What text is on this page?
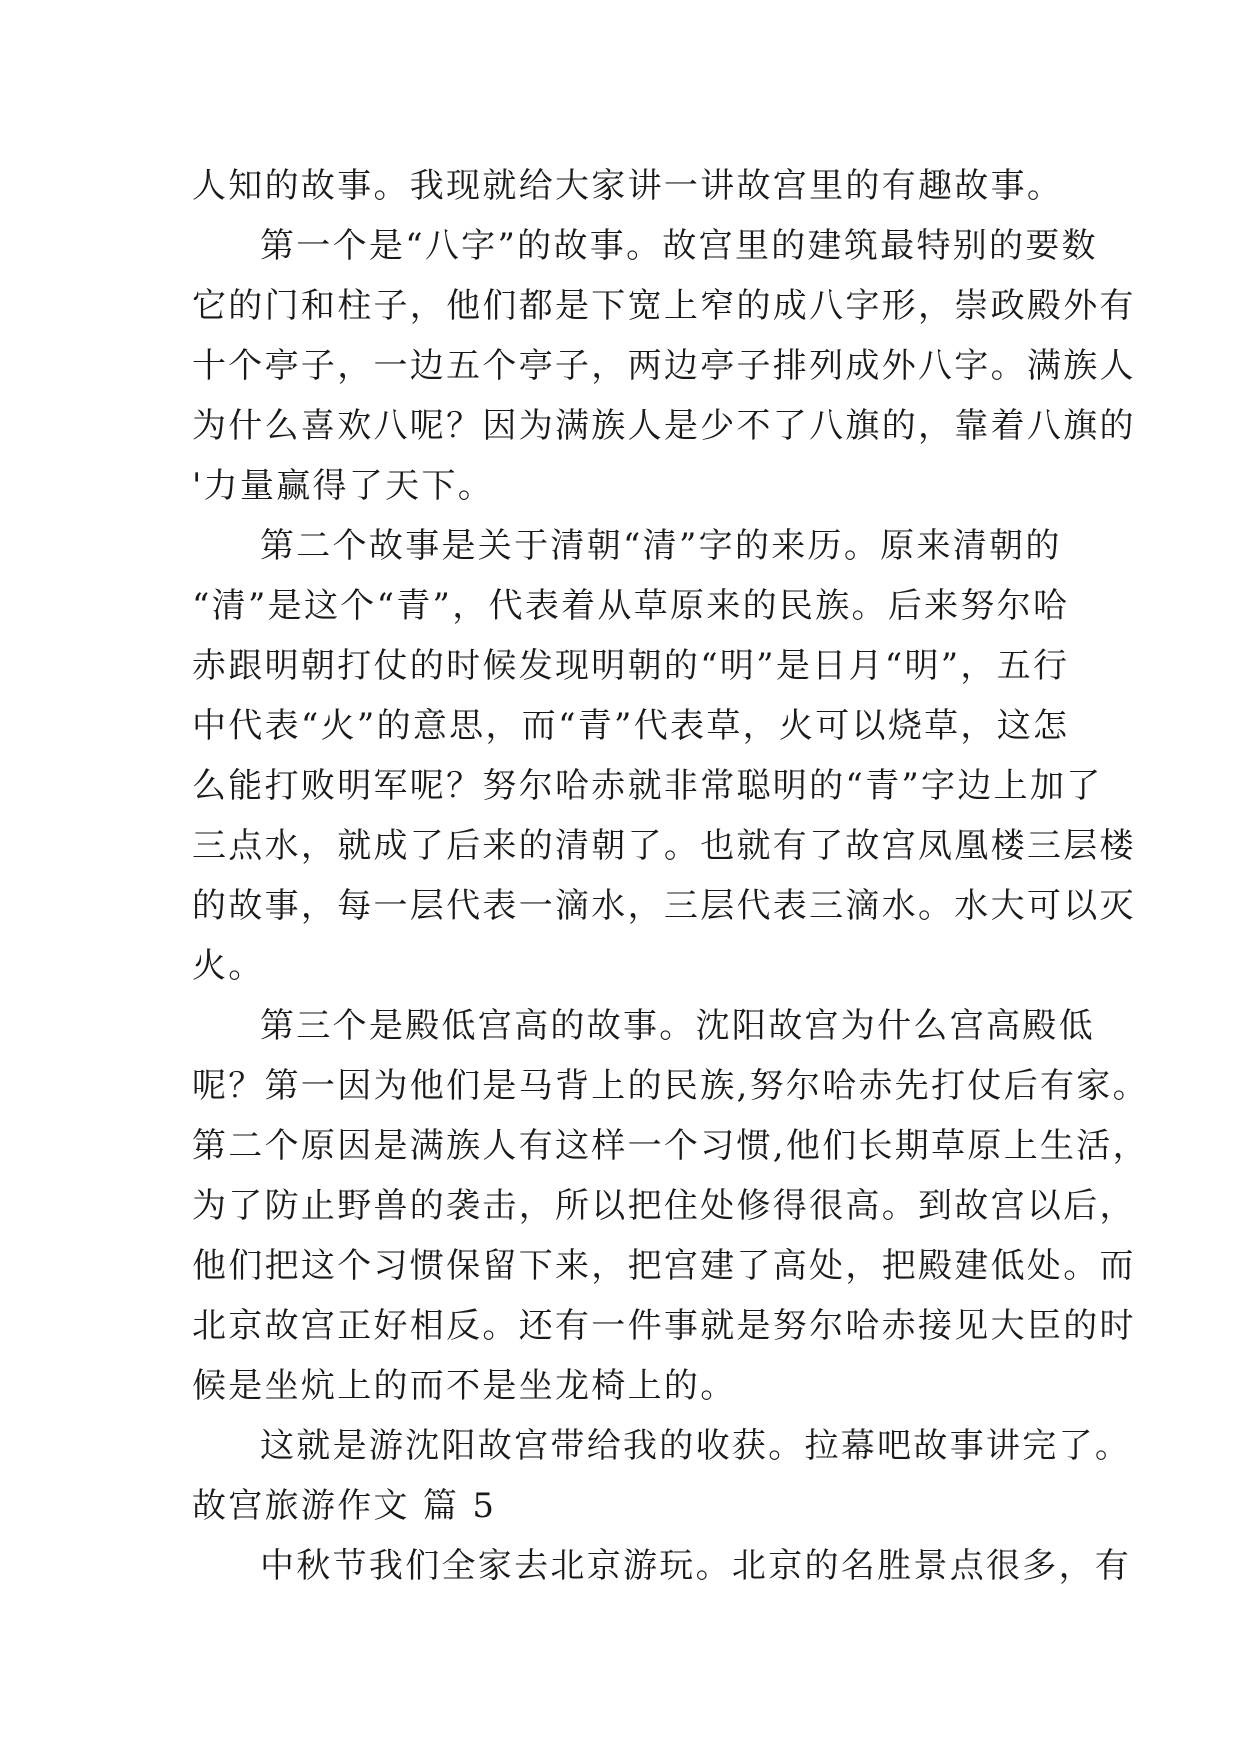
人知的故事。我现就给大家讲一讲故宫里的有趣故事。
第一个是“八字”的故事。故宫里的建筑最特别的要数
它的门和柱子，他们都是下宽上窄的成八字形，崇政殿外有
十个亭子，一边五个亭子，两边亭子排列成外八字。满族人
为什么喜欢八呢？因为满族人是少不了八旗的，靠着八旗的
'力量赢得了天下。
第二个故事是关于清朝“清”字的来历。原来清朝的
“清”是这个“青”，代表着从草原来的民族。后来努尔哈
赤跟明朝打仗的时候发现明朝的“明”是日月“明”，五行
中代表“火”的意思，而“青”代表草，火可以烧草，这怎
么能打败明军呢？努尔哈赤就非常聪明的“青”字边上加了
三点水，就成了后来的清朝了。也就有了故宫凤凰楼三层楼
的故事，每一层代表一滴水，三层代表三滴水。水大可以灭
火。
第三个是殿低宫高的故事。沈阳故宫为什么宫高殿低
呢？第一因为他们是马背上的民族,努尔哈赤先打仗后有家。
第二个原因是满族人有这样一个习惯,他们长期草原上生活，
为了防止野兽的袭击，所以把住处修得很高。到故宫以后，
他们把这个习惯保留下来，把宫建了高处，把殿建低处。而
北京故宫正好相反。还有一件事就是努尔哈赤接见大臣的时
候是坐炕上的而不是坐龙椅上的。
这就是游沈阳故宫带给我的收获。拉幕吧故事讲完了。
故宫旅游作文 篇 5
中秋节我们全家去北京游玩。北京的名胜景点很多，有
